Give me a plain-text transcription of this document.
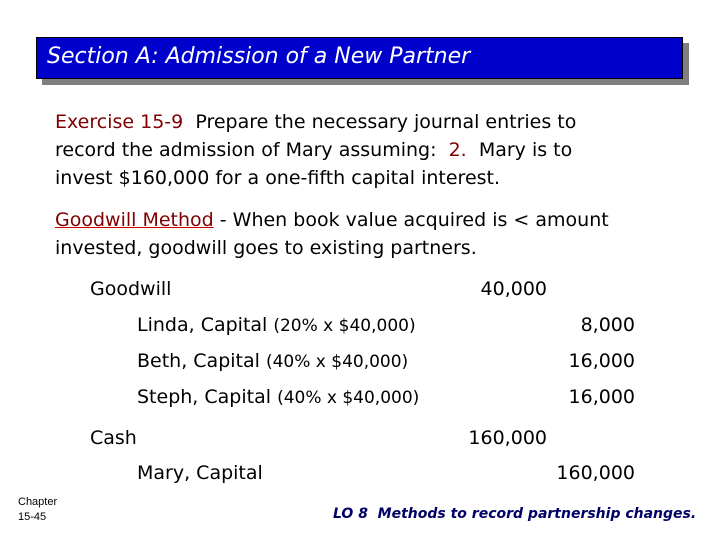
Section A: Admission of a New Partner
Exercise 15-9 Prepare the necessary journal entries to
record the admission of Mary assuming: 2. Mary is to
invest $160,000 for a one-fifth capital interest.
Goodwill Method - When book value acquired is < amount
invested, goodwill goes to existing partners.
Goodwill	40,000
Linda, Capital (20% x $40,000)	8,000
Beth, Capital (40% x $40,000)	16,000
Steph, Capital (40% x $40,000)	16,000
Cash	160,000
Mary, Capital	160,000
Chapter
15-45	LO 8  Methods to record partnership changes.
